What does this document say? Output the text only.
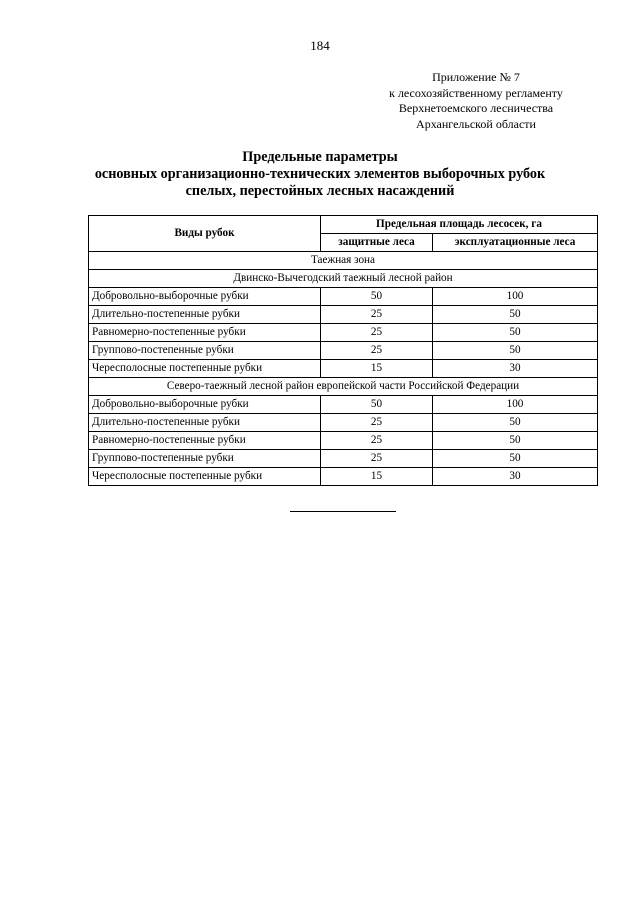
184
Приложение № 7
к лесохозяйственному регламенту
Верхнетоемского лесничества
Архангельской области
Предельные параметры
основных организационно-технических элементов выборочных рубок
спелых, перестойных лесных насаждений
Виды рубок	Предельная площадь лесосек, га	
	защитные леса	эксплуатационные леса
Таежная зона		
Двинско-Вычегодский таежный лесной район		
Добровольно-выборочные рубки	50	100
Длительно-постепенные рубки	25	50
Равномерно-постепенные рубки	25	50
Группово-постепенные рубки	25	50
Чересполосные постепенные рубки	15	30
Северо-таежный лесной район европейской части Российской Федерации		
Добровольно-выборочные рубки	50	100
Длительно-постепенные рубки	25	50
Равномерно-постепенные рубки	25	50
Группово-постепенные рубки	25	50
Чересполосные постепенные рубки	15	30
